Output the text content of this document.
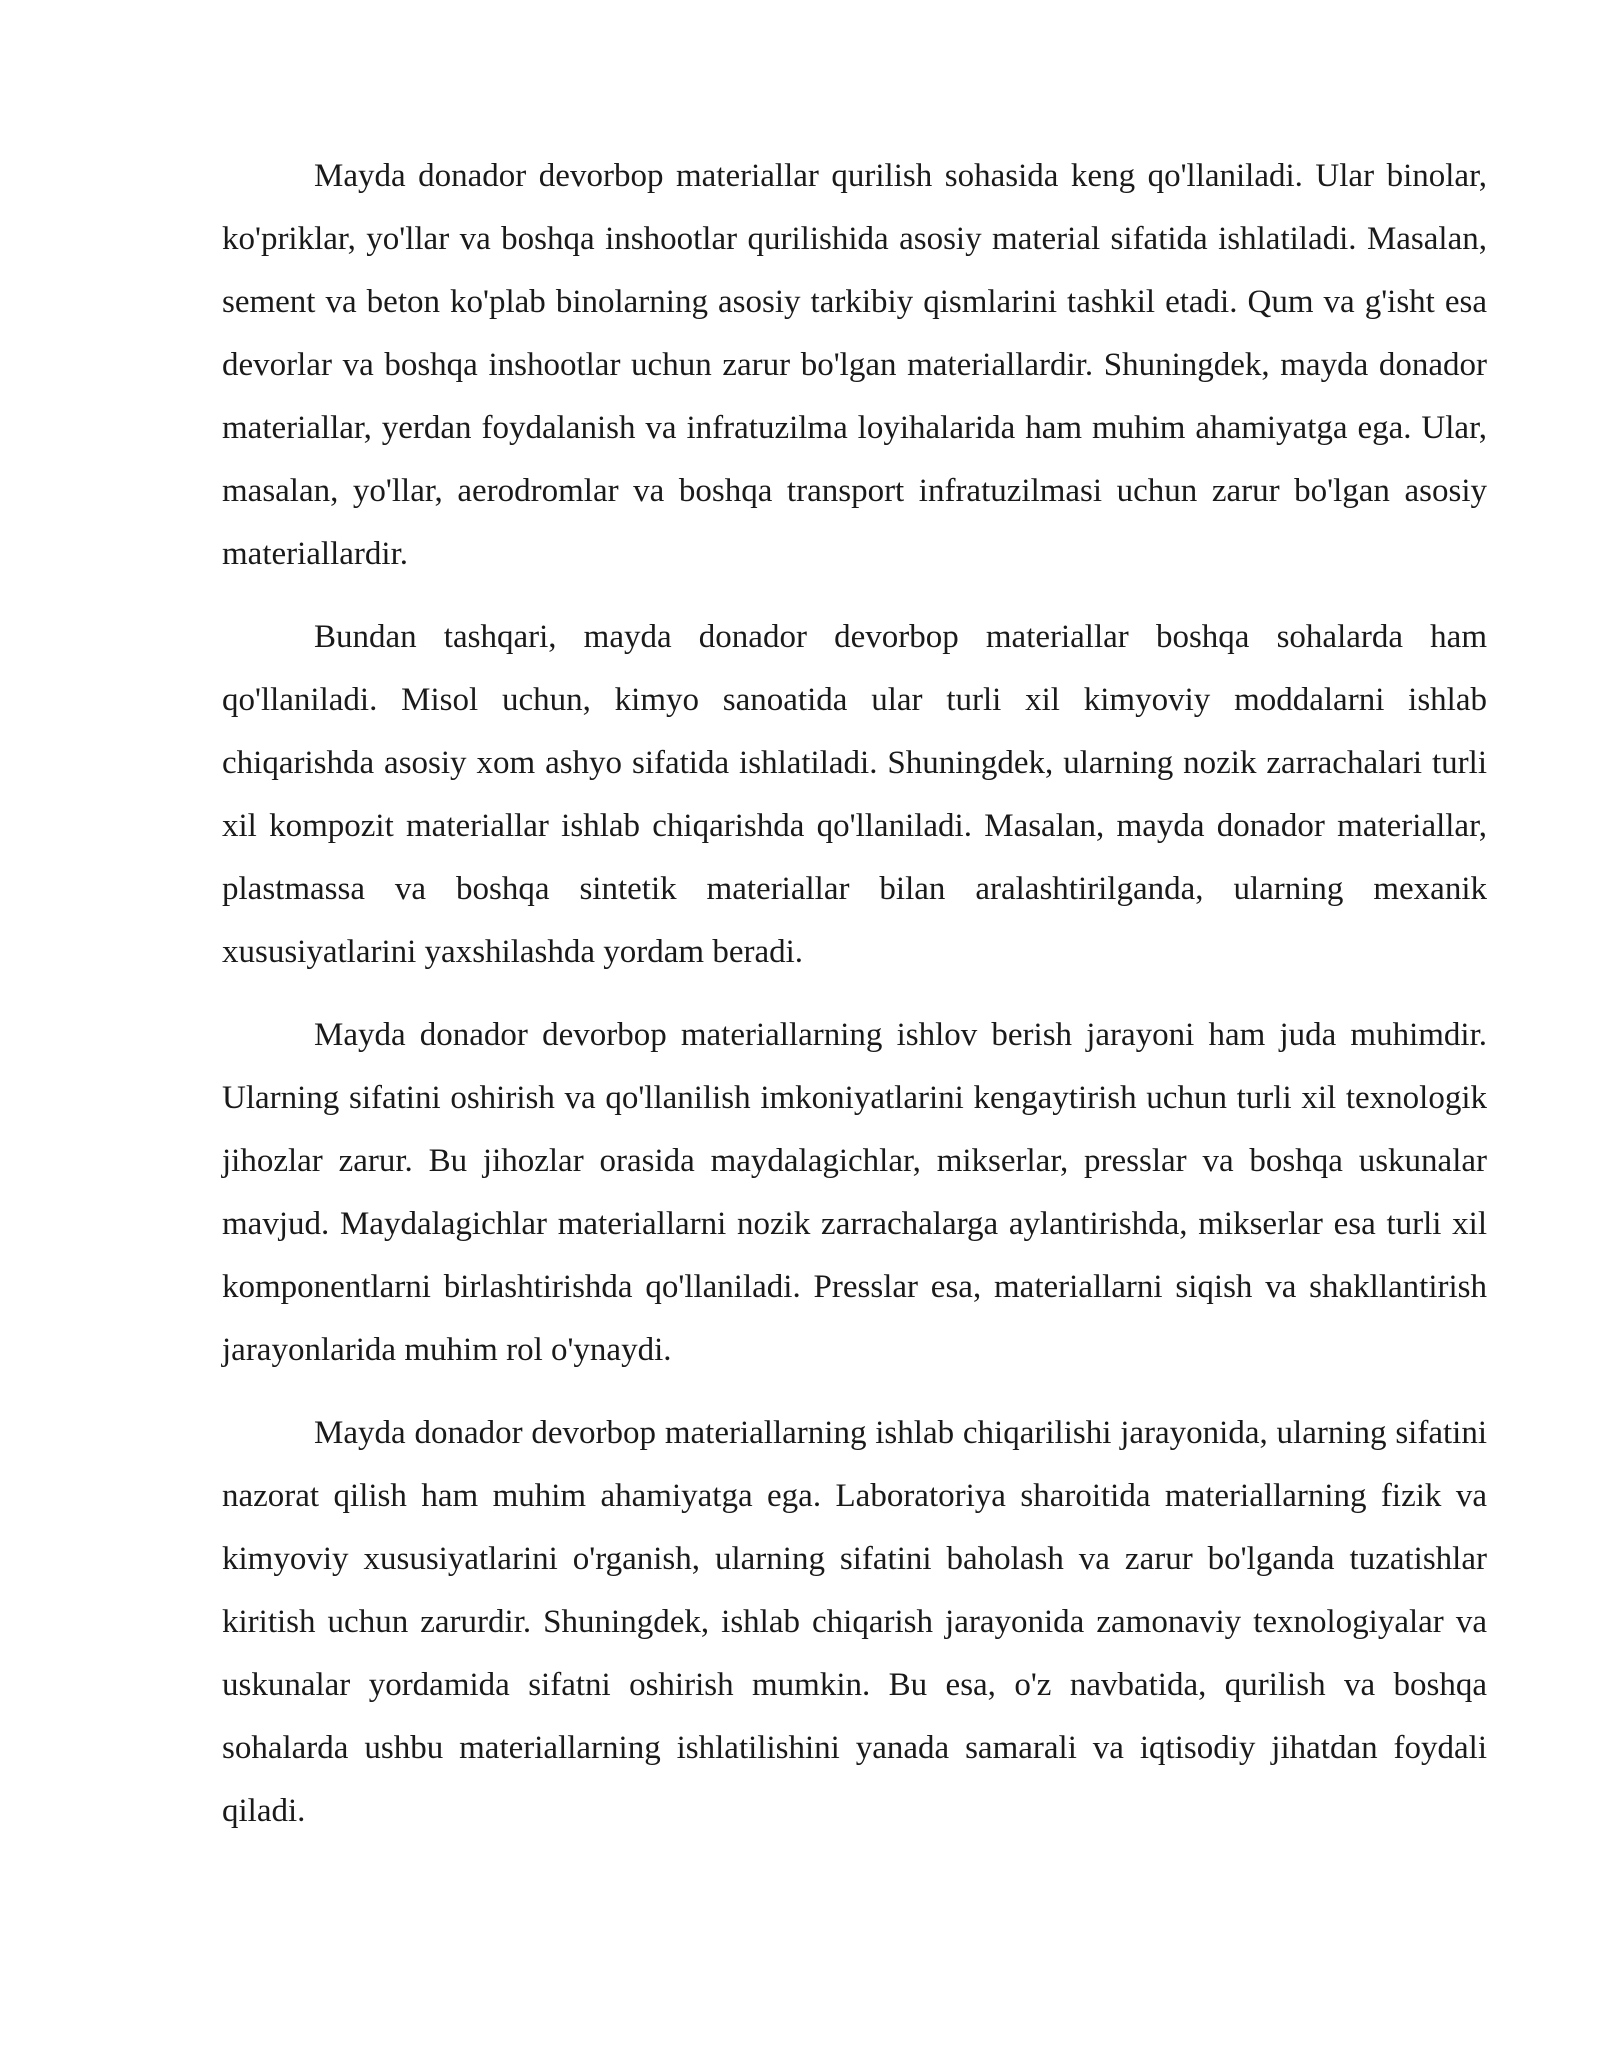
Mayda donador devorbop materiallar qurilish sohasida keng qo'llaniladi. Ular binolar, ko'priklar, yo'llar va boshqa inshootlar qurilishida asosiy material sifatida ishlatiladi. Masalan, sement va beton ko'plab binolarning asosiy tarkibiy qismlarini tashkil etadi. Qum va g'isht esa devorlar va boshqa inshootlar uchun zarur bo'lgan materiallardir. Shuningdek, mayda donador materiallar, yerdan foydalanish va infratuzilma loyihalarida ham muhim ahamiyatga ega. Ular, masalan, yo'llar, aerodromlar va boshqa transport infratuzilmasi uchun zarur bo'lgan asosiy materiallardir.

Bundan tashqari, mayda donador devorbop materiallar boshqa sohalarda ham qo'llaniladi. Misol uchun, kimyo sanoatida ular turli xil kimyoviy moddalarni ishlab chiqarishda asosiy xom ashyo sifatida ishlatiladi. Shuningdek, ularning nozik zarrachalari turli xil kompozit materiallar ishlab chiqarishda qo'llaniladi. Masalan, mayda donador materiallar, plastmassa va boshqa sintetik materiallar bilan aralashtirilganda, ularning mexanik xususiyatlarini yaxshilashda yordam beradi.

Mayda donador devorbop materiallarning ishlov berish jarayoni ham juda muhimdir. Ularning sifatini oshirish va qo'llanilish imkoniyatlarini kengaytirish uchun turli xil texnologik jihozlar zarur. Bu jihozlar orasida maydalagichlar, mikserlar, presslar va boshqa uskunalar mavjud. Maydalagichlar materiallarni nozik zarrachalarga aylantirishda, mikserlar esa turli xil komponentlarni birlashtirishda qo'llaniladi. Presslar esa, materiallarni siqish va shakllantirish jarayonlarida muhim rol o'ynaydi.

Mayda donador devorbop materiallarning ishlab chiqarilishi jarayonida, ularning sifatini nazorat qilish ham muhim ahamiyatga ega. Laboratoriya sharoitida materiallarning fizik va kimyoviy xususiyatlarini o'rganish, ularning sifatini baholash va zarur bo'lganda tuzatishlar kiritish uchun zarurdir. Shuningdek, ishlab chiqarish jarayonida zamonaviy texnologiyalar va uskunalar yordamida sifatni oshirish mumkin. Bu esa, o'z navbatida, qurilish va boshqa sohalarda ushbu materiallarning ishlatilishini yanada samarali va iqtisodiy jihatdan foydali qiladi.
